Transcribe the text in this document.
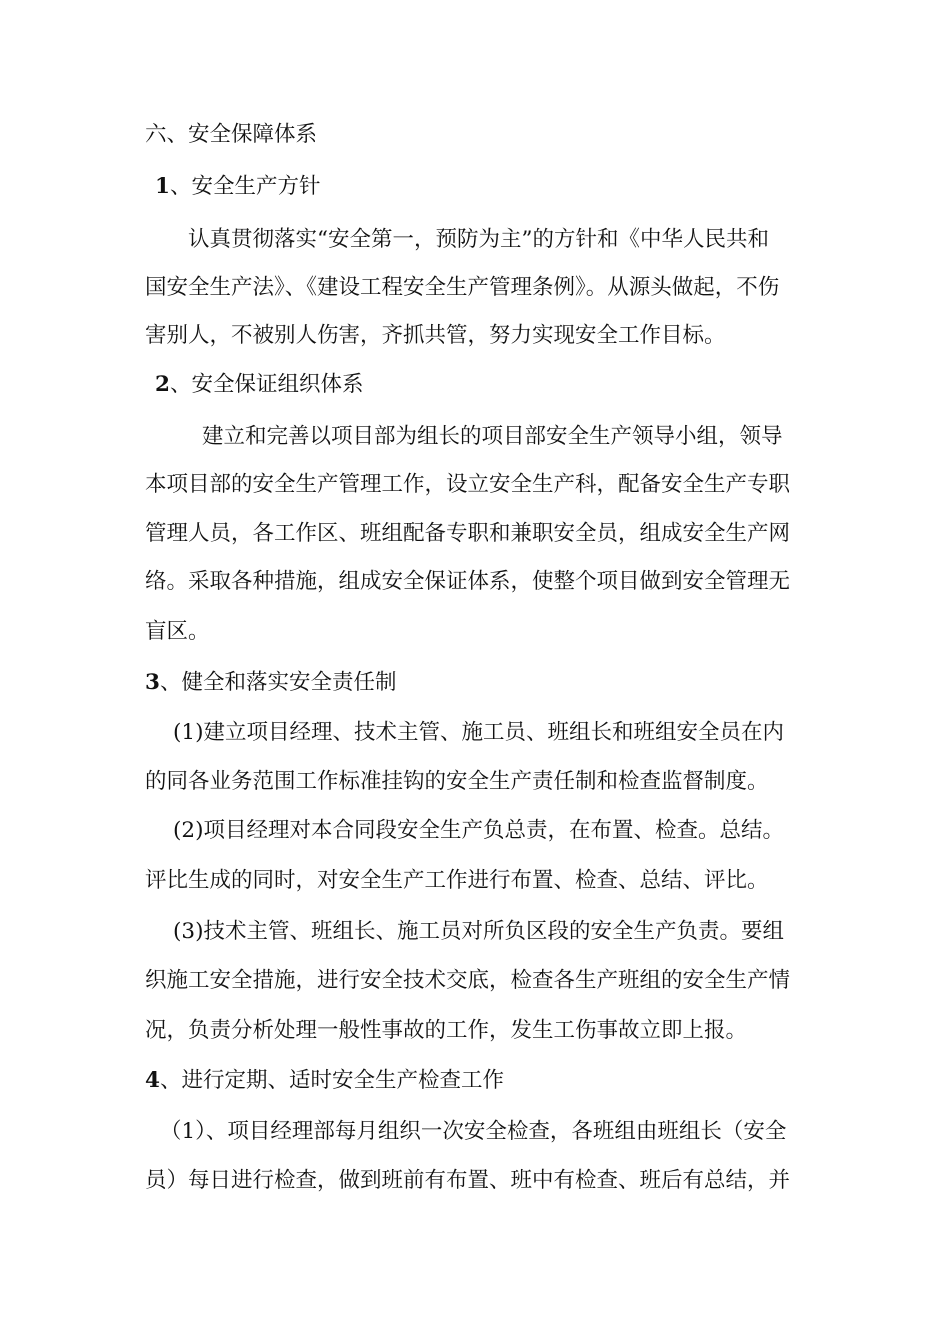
六、安全保障体系
1、安全生产方针
认真贯彻落实“安全第一，预防为主”的方针和《中华人民共和
国安全生产法》、《建设工程安全生产管理条例》。从源头做起，不伤
害别人，不被别人伤害，齐抓共管，努力实现安全工作目标。
2、安全保证组织体系
建立和完善以项目部为组长的项目部安全生产领导小组，领导
本项目部的安全生产管理工作，设立安全生产科，配备安全生产专职
管理人员，各工作区、班组配备专职和兼职安全员，组成安全生产网
络。采取各种措施，组成安全保证体系，使整个项目做到安全管理无
盲区。
3、健全和落实安全责任制
(1)建立项目经理、技术主管、施工员、班组长和班组安全员在内
的同各业务范围工作标准挂钩的安全生产责任制和检查监督制度。
(2)项目经理对本合同段安全生产负总责，在布置、检查。总结。
评比生成的同时，对安全生产工作进行布置、检查、总结、评比。
(3)技术主管、班组长、施工员对所负区段的安全生产负责。要组
织施工安全措施，进行安全技术交底，检查各生产班组的安全生产情
况，负责分析处理一般性事故的工作，发生工伤事故立即上报。
4、进行定期、适时安全生产检查工作
（1）、项目经理部每月组织一次安全检查，各班组由班组长（安全
员）每日进行检查，做到班前有布置、班中有检查、班后有总结，并
